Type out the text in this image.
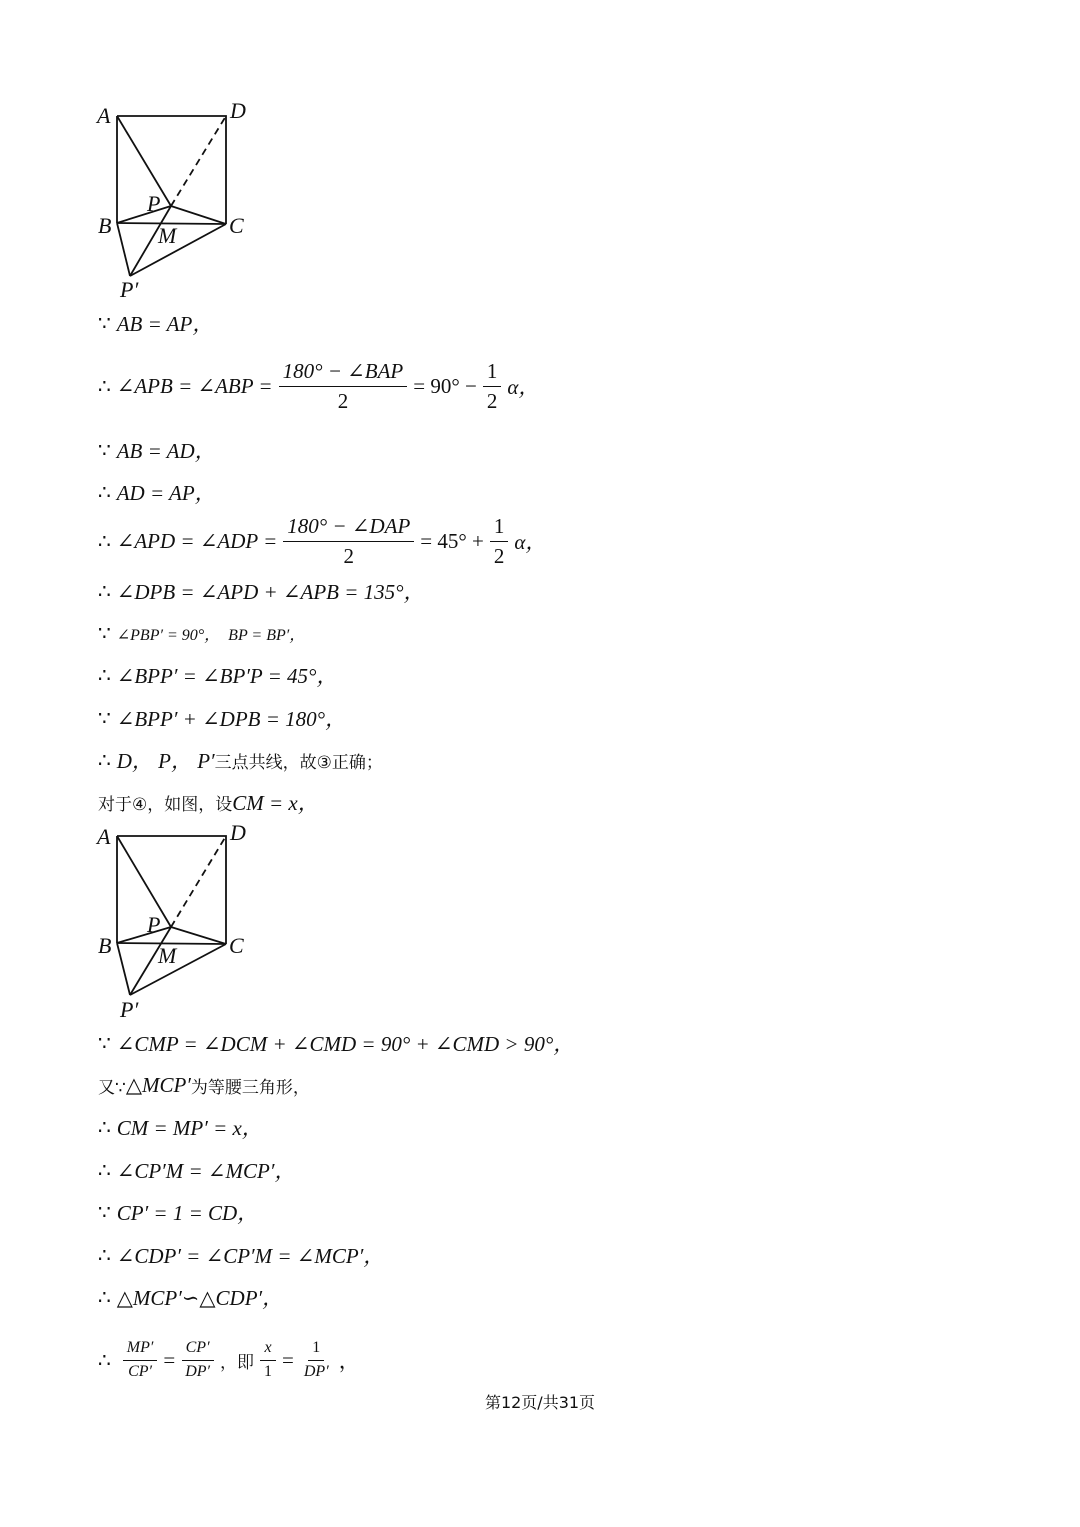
A	D
B	C
P
M
P′
∵ AB = AP，
∴ ∠APB = ∠ABP = $\frac{\text{180° − ∠BAP}}{2} = 90^\circ - \frac{1}{2}$ α，
∵ AB = AD，
∴ AD = AP，
∴ ∠APD = ∠ADP = $\frac{\text{180° − ∠DAP}}{2} = 45^\circ + \frac{1}{2}$ α，
∴ ∠DPB = ∠APD + ∠APB = 135°，
∵ ∠PBP′ = 90°， BP = BP′，
∴ ∠BPP′ = ∠BP′P = 45°，
∵ ∠BPP′ + ∠DPB = 180°，
∴ D， P， P′ 三点共线，故③正确；
对于④，如图，设 CM = x，
A	D
B	C
P
M
P′
∵ ∠CMP = ∠DCM + ∠CMD = 90° + ∠CMD > 90°，
又∵ △MCP′ 为等腰三角形，
∴ CM = MP′ = x，
∴ ∠CP′M = ∠MCP′，
∵ CP′ = 1 = CD，
∴ ∠CDP′ = ∠CP′M = ∠MCP′，
∴ △MCP′∽△CDP′，
∴ $\frac{MP'}{CP'} = \frac{CP'}{DP'}$ ，即 $\frac{x}{1} = \frac{1}{DP'}$ ，
第12页/共31页
